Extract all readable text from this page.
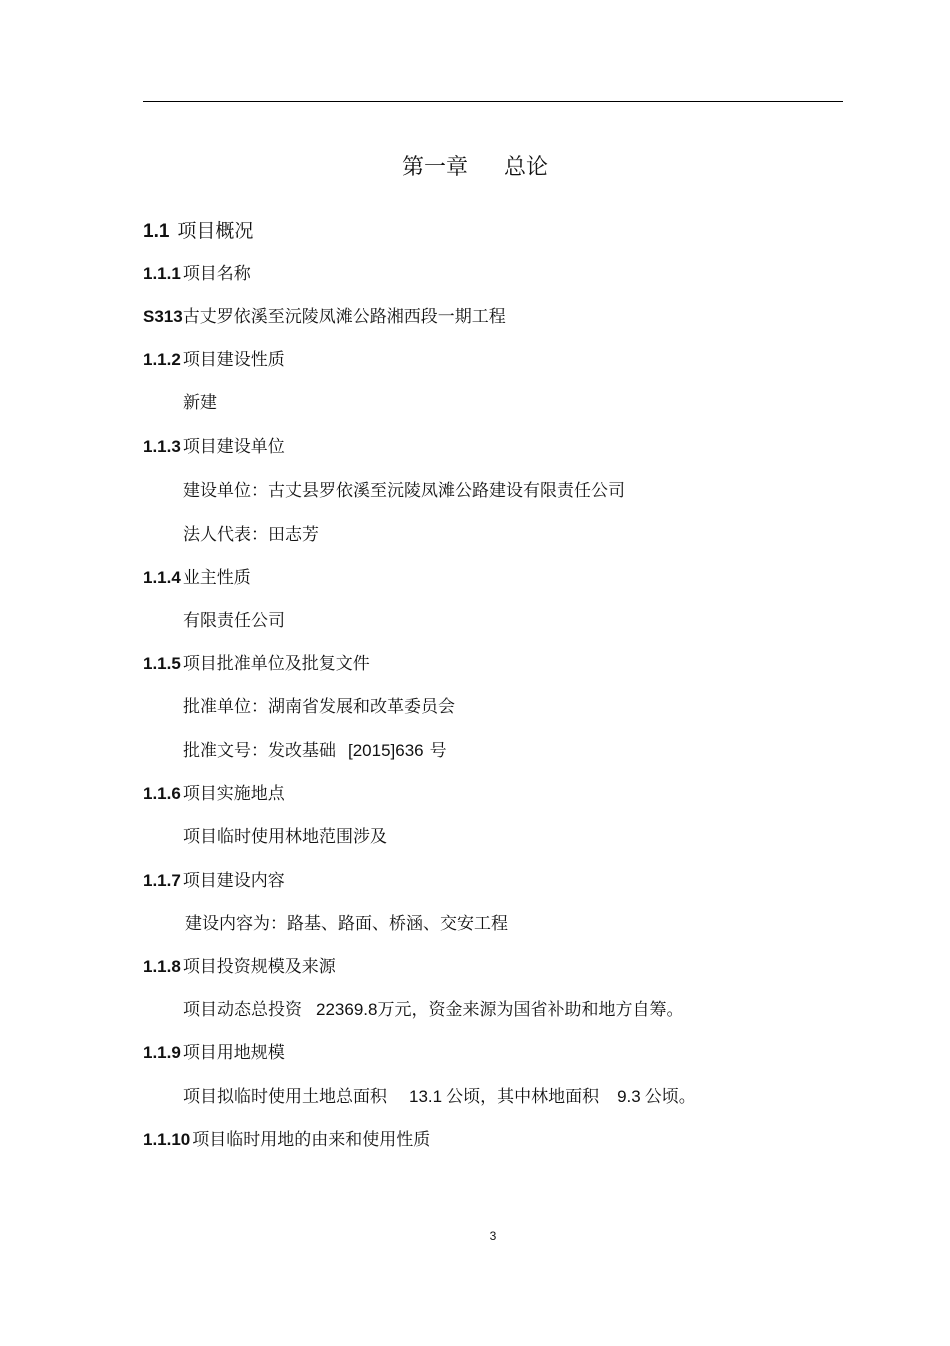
第一章 总论
1.1 项目概况
1.1.1 项目名称
S313古丈罗依溪至沅陵凤滩公路湘西段一期工程
1.1.2 项目建设性质
新建
1.1.3 项目建设单位
建设单位：古丈县罗依溪至沅陵凤滩公路建设有限责任公司
法人代表：田志芳
1.1.4 业主性质
有限责任公司
1.1.5 项目批准单位及批复文件
批准单位：湖南省发展和改革委员会
批准文号：发改基础 [2015]636 号
1.1.6 项目实施地点
项目临时使用林地范围涉及
1.1.7 项目建设内容
建设内容为：路基、路面、桥涵、交安工程
1.1.8 项目投资规模及来源
项目动态总投资 22369.8万元，资金来源为国省补助和地方自筹。
1.1.9 项目用地规模
项目拟临时使用土地总面积 13.1 公顷，其中林地面积 9.3 公顷。
1.1.10 项目临时用地的由来和使用性质
3
